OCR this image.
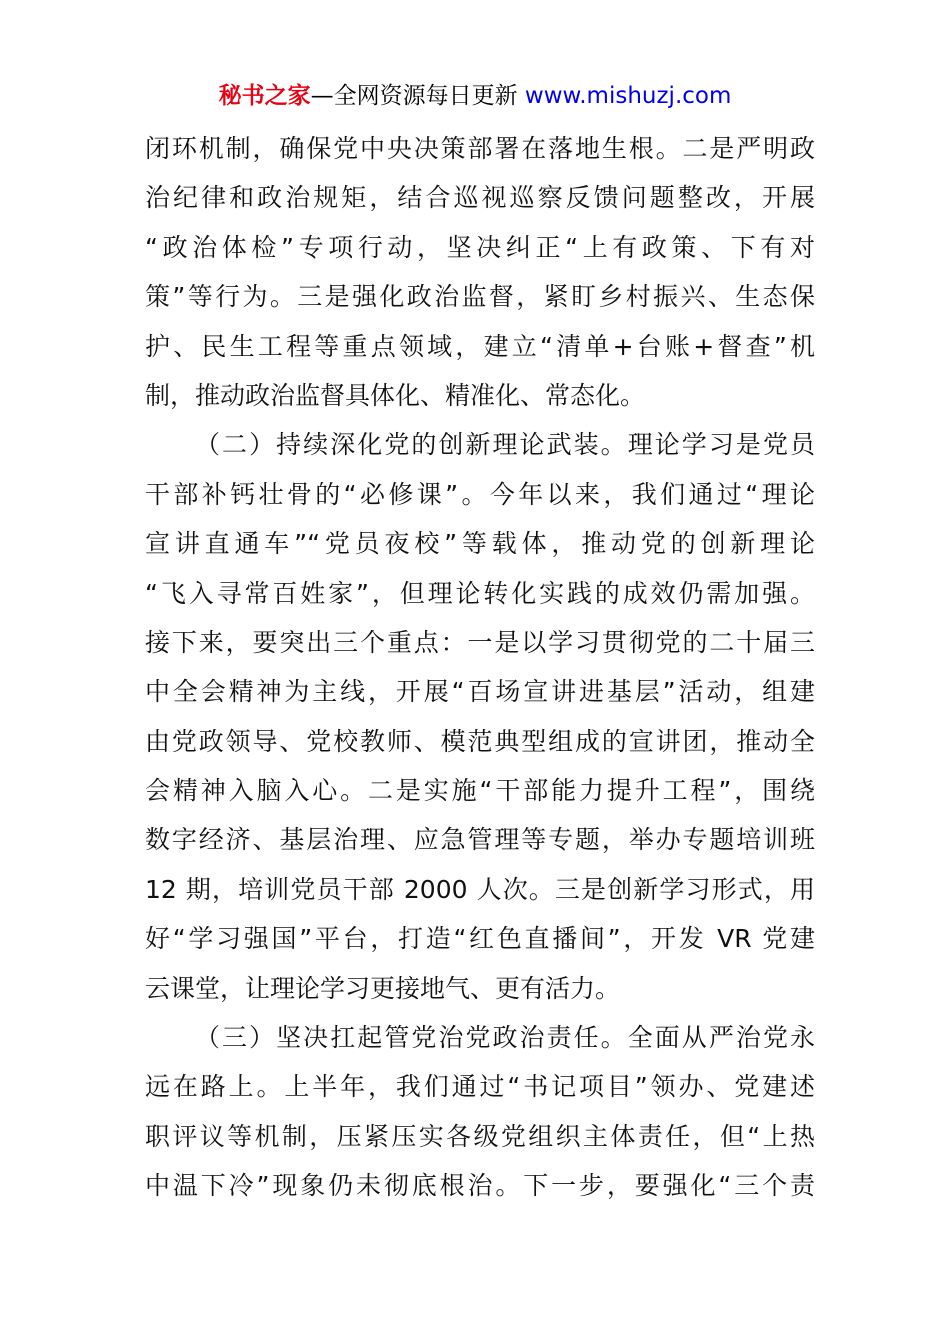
秘书之家—全网资源每日更新 www.mishuzj.com
闭环机制，确保党中央决策部署在落地生根。二是严明政
治纪律和政治规矩，结合巡视巡察反馈问题整改，开展
“政治体检”专项行动，坚决纠正“上有政策、下有对
策”等行为。三是强化政治监督，紧盯乡村振兴、生态保
护、民生工程等重点领域，建立“清单+台账+督查”机
制，推动政治监督具体化、精准化、常态化。
（二）持续深化党的创新理论武装。理论学习是党员
干部补钙壮骨的“必修课”。今年以来，我们通过“理论
宣讲直通车”“党员夜校”等载体，推动党的创新理论
“飞入寻常百姓家”，但理论转化实践的成效仍需加强。
接下来，要突出三个重点：一是以学习贯彻党的二十届三
中全会精神为主线，开展“百场宣讲进基层”活动，组建
由党政领导、党校教师、模范典型组成的宣讲团，推动全
会精神入脑入心。二是实施“干部能力提升工程”，围绕
数字经济、基层治理、应急管理等专题，举办专题培训班
12 期，培训党员干部 2000 人次。三是创新学习形式，用
好“学习强国”平台，打造“红色直播间”，开发 VR 党建
云课堂，让理论学习更接地气、更有活力。
（三）坚决扛起管党治党政治责任。全面从严治党永
远在路上。上半年，我们通过“书记项目”领办、党建述
职评议等机制，压紧压实各级党组织主体责任，但“上热
中温下冷”现象仍未彻底根治。下一步，要强化“三个责
